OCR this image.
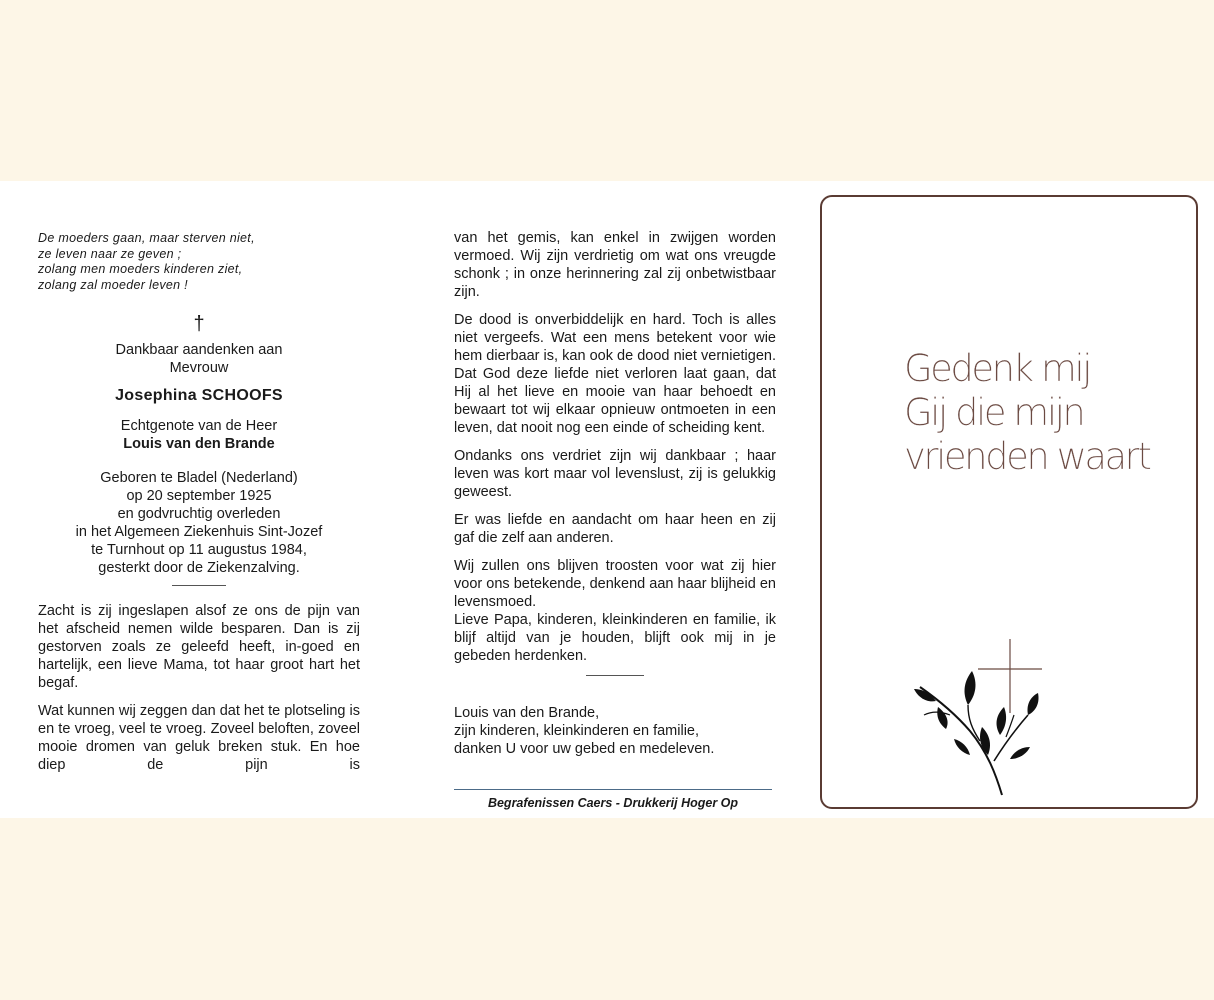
De moeders gaan, maar sterven niet,
ze leven naar ze geven ;
zolang men moeders kinderen ziet,
zolang zal moeder leven !
†
Dankbaar aandenken aan
Mevrouw
Josephina SCHOOFS
Echtgenote van de Heer
Louis van den Brande
Geboren te Bladel (Nederland)
op 20 september 1925
en godvruchtig overleden
in het Algemeen Ziekenhuis Sint-Jozef
te Turnhout op 11 augustus 1984,
gesterkt door de Ziekenzalving.

Zacht is zij ingeslapen alsof ze ons de pijn van het afscheid nemen wilde besparen. Dan is zij gestorven zoals ze geleefd heeft, in-goed en hartelijk, een lieve Mama, tot haar groot hart het begaf.

Wat kunnen wij zeggen dan dat het te plotseling is en te vroeg, veel te vroeg. Zoveel beloften, zoveel mooie dromen van geluk breken stuk. En hoe diep de pijn is

van het gemis, kan enkel in zwijgen worden vermoed. Wij zijn verdrietig om wat ons vreugde schonk ; in onze herinnering zal zij onbetwistbaar zijn.

De dood is onverbiddelijk en hard. Toch is alles niet vergeefs. Wat een mens betekent voor wie hem dierbaar is, kan ook de dood niet vernietigen. Dat God deze liefde niet verloren laat gaan, dat Hij al het lieve en mooie van haar behoedt en bewaart tot wij elkaar opnieuw ontmoeten in een leven, dat nooit nog een einde of scheiding kent.

Ondanks ons verdriet zijn wij dankbaar ; haar leven was kort maar vol levenslust, zij is gelukkig geweest.

Er was liefde en aandacht om haar heen en zij gaf die zelf aan anderen.

Wij zullen ons blijven troosten voor wat zij hier voor ons betekende, denkend aan haar blijheid en levensmoed.

Lieve Papa, kinderen, kleinkinderen en familie, ik blijf altijd van je houden, blijft ook mij in je gebeden herdenken.

Louis van den Brande,
zijn kinderen, kleinkinderen en familie,
danken U voor uw gebed en medeleven.
Begrafenissen Caers - Drukkerij Hoger Op
Gedenk mij
Gij die mijn
vrienden waart
